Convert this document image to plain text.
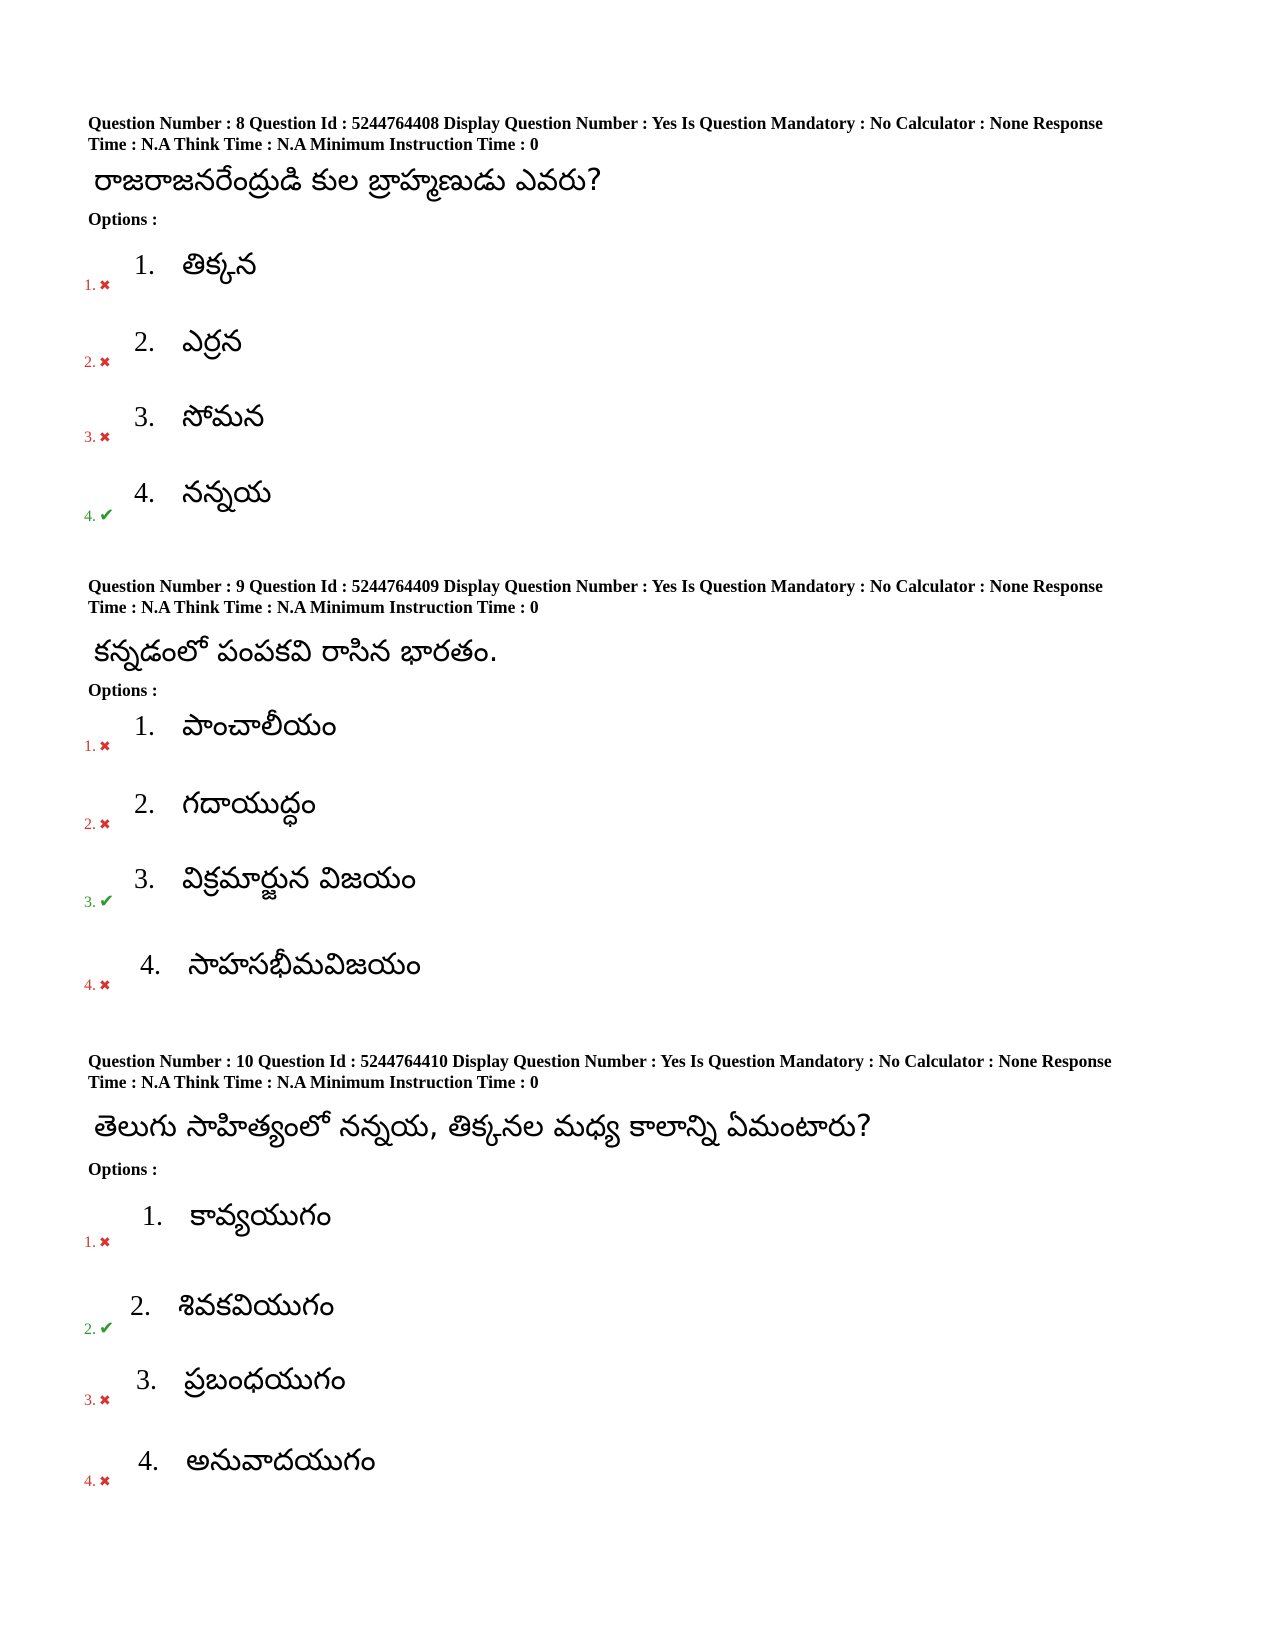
Question Number : 8 Question Id : 5244764408 Display Question Number : Yes Is Question Mandatory : No Calculator : None Response
Time : N.A Think Time : N.A Minimum Instruction Time : 0

రాజరాజనరేంద్రుడి కుల బ్రాహ్మణుడు ఎవరు?
Options :
1. ✖
1. తిక్కన
2. ✖
2. ఎర్రన
3. ✖
3. సోమన
4. ✔
4. నన్నయ

Question Number : 9 Question Id : 5244764409 Display Question Number : Yes Is Question Mandatory : No Calculator : None Response
Time : N.A Think Time : N.A Minimum Instruction Time : 0

కన్నడంలో పంపకవి రాసిన భారతం.
Options :
1. ✖
1. పాంచాలీయం
2. ✖
2. గదాయుద్ధం
3. ✔
3. విక్రమార్జున విజయం
4. ✖
4. సాహసభీమవిజయం

Question Number : 10 Question Id : 5244764410 Display Question Number : Yes Is Question Mandatory : No Calculator : None Response
Time : N.A Think Time : N.A Minimum Instruction Time : 0

తెలుగు సాహిత్యంలో నన్నయ, తిక్కనల మధ్య కాలాన్ని ఏమంటారు?
Options :
1. ✖
1. కావ్యయుగం
2. ✔
2. శివకవియుగం
3. ✖
3. ప్రబంధయుగం
4. ✖
4. అనువాదయుగం
